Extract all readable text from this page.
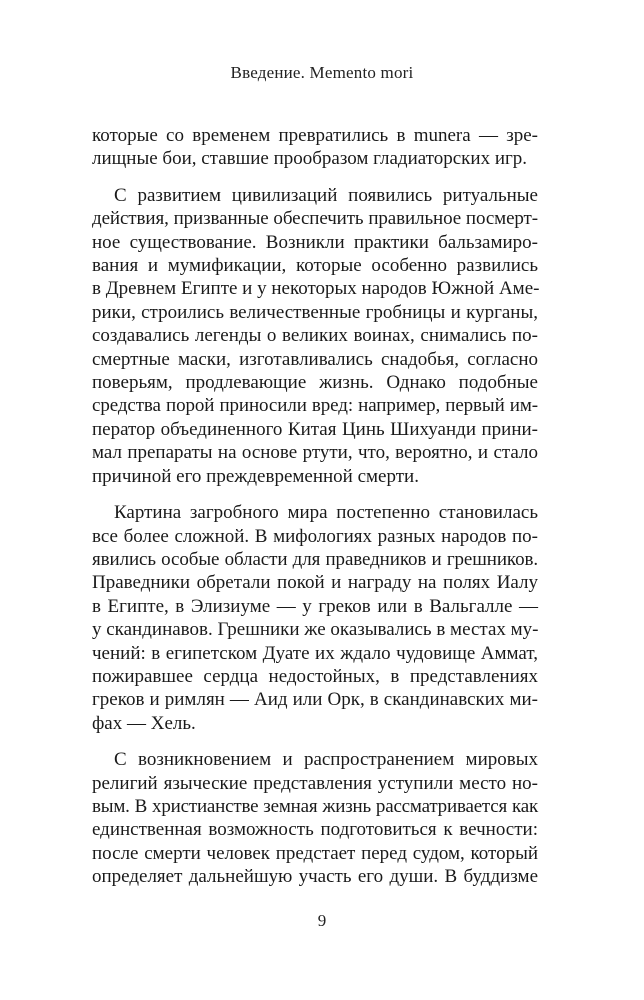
Введение. Memento mori

которые со временем превратились в munera — зре-
лищные бои, ставшие прообразом гладиаторских игр.

С развитием цивилизаций появились ритуальные
действия, призванные обеспечить правильное посмерт-
ное существование. Возникли практики бальзамиро-
вания и мумификации, которые особенно развились
в Древнем Египте и у некоторых народов Южной Аме-
рики, строились величественные гробницы и курганы,
создавались легенды о великих воинах, снимались по-
смертные маски, изготавливались снадобья, согласно
поверьям, продлевающие жизнь. Однако подобные
средства порой приносили вред: например, первый им-
ператор объединенного Китая Цинь Шихуанди прини-
мал препараты на основе ртути, что, вероятно, и стало
причиной его преждевременной смерти.

Картина загробного мира постепенно становилась
все более сложной. В мифологиях разных народов по-
явились особые области для праведников и грешников.
Праведники обретали покой и награду на полях Иалу
в Египте, в Элизиуме — у греков или в Вальгалле —
у скандинавов. Грешники же оказывались в местах му-
чений: в египетском Дуате их ждало чудовище Аммат,
пожиравшее сердца недостойных, в представлениях
греков и римлян — Аид или Орк, в скандинавских ми-
фах — Хель.

С возникновением и распространением мировых
религий языческие представления уступили место но-
вым. В христианстве земная жизнь рассматривается как
единственная возможность подготовиться к вечности:
после смерти человек предстает перед судом, который
определяет дальнейшую участь его души. В буддизме

9
